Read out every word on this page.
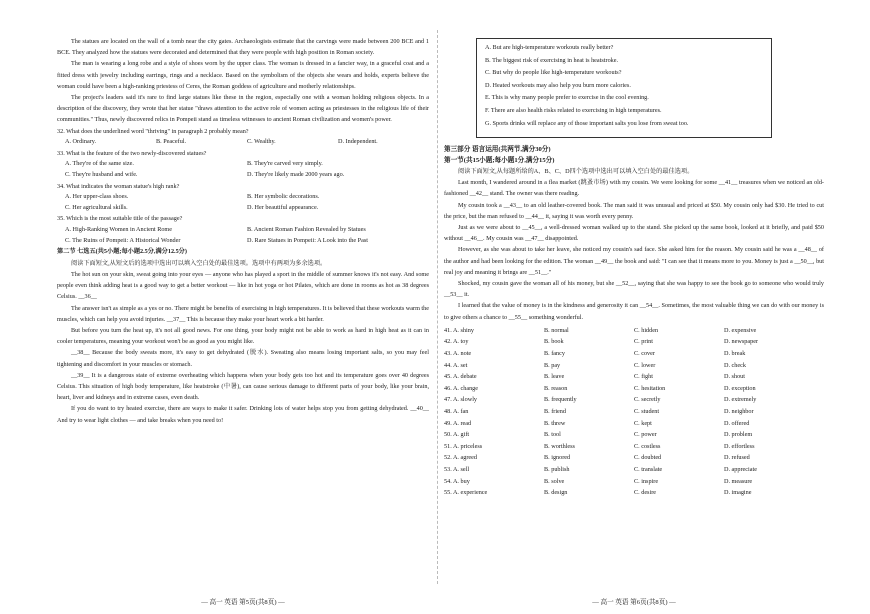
The statues are located on the wall of a tomb near the city gates. Archaeologists estimate that the carvings were made between 200 BCE and 1 BCE. They analyzed how the statues were decorated and determined that they were people with high position in Roman society.

The man is wearing a long robe and a style of shoes worn by the upper class. The woman is dressed in a fancier way, in a graceful coat and a fitted dress with jewelry including earrings, rings and a necklace. Based on the symbolism of the objects she wears and holds, experts believe the woman could have been a high-ranking priestess of Ceres, the Roman goddess of agriculture and motherly relationships.

The project's leaders said it's rare to find large statues like these in the region, especially one with a woman holding religious objects. In a description of the discovery, they wrote that her statue "draws attention to the active role of women acting as priestesses in the religious life of their communities." Thus, newly discovered relics in Pompeii stand as timeless witnesses to ancient Roman civilization and women's power.

32. What does the underlined word "thriving" in paragraph 2 probably mean?

A. Ordinary.	B. Peaceful.	C. Wealthy.	D. Independent.

33. What is the feature of the two newly-discovered statues?

A. They're of the same size.	B. They're carved very simply.
C. They're husband and wife.	D. They're likely made 2000 years ago.

34. What indicates the woman statue's high rank?

A. Her upper-class shoes.	B. Her symbolic decorations.
C. Her agricultural skills.	D. Her beautiful appearance.

35. Which is the most suitable title of the passage?

A. High-Ranking Women in Ancient Rome	B. Ancient Roman Fashion Revealed by Statues
C. The Ruins of Pompeii: A Historical Wonder	D. Rare Statues in Pompeii: A Look into the Past

第二节 七选五(共5小题;每小题2.5分,满分12.5分)

阅读下面短文,从短文后的选项中选出可以填入空白处的最佳选项。选项中有两项为多余选项。

The hot sun on your skin, sweat going into your eyes — anyone who has played a sport in the middle of summer knows it's not easy. And some people even think adding heat is a good way to get a better workout — like in hot yoga or hot Pilates, which are done in rooms as hot as 38 degrees Celsius. __36__

The answer isn't as simple as a yes or no. There might be benefits of exercising in high temperatures. It is believed that these workouts warm the muscles, which can help you avoid injuries. __37__ This is because they make your heart work a bit harder.

But before you turn the heat up, it's not all good news. For one thing, your body might not be able to work as hard in high heat as it can in cooler temperatures, meaning your workout won't be as good as you might like.

__38__ Because the body sweats more, it's easy to get dehydrated (脱水). Sweating also means losing important salts, so you may feel tightening and discomfort in your muscles or stomach.

__39__ It is a dangerous state of extreme overheating which happens when your body gets too hot and its temperature goes over 40 degrees Celsius. This situation of high body temperature, like heatstroke (中暑), can cause serious damage to different parts of your body, like your brain, heart, liver and kidneys and in extreme cases, even death.

If you do want to try heated exercise, there are ways to make it safer. Drinking lots of water helps stop you from getting dehydrated. __40__ And try to wear light clothes — and take breaks when you need to!

— 高一 英语 第5页(共8页) —

A. But are high-temperature workouts really better?

B. The biggest risk of exercising in heat is heatstroke.

C. But why do people like high-temperature workouts?

D. Heated workouts may also help you burn more calories.

E. This is why many people prefer to exercise in the cool evening.

F. There are also health risks related to exercising in high temperatures.

G. Sports drinks will replace any of those important salts you lose from sweat too.

第三部分 语言运用(共两节,满分30分)

第一节(共15小题;每小题1分,满分15分)

阅读下面短文,从每题所给的A、B、C、D四个选项中选出可以填入空白处的最佳选项。

Last month, I wandered around in a flea market (跳蚤市场) with my cousin. We were looking for some __41__ treasures when we noticed an old-fashioned __42__ stand. The owner was there reading.

My cousin took a __43__ to an old leather-covered book. The man said it was unusual and priced at $50. My cousin only had $30. He tried to cut the price, but the man refused to __44__ it, saying it was worth every penny.

Just as we were about to __45__, a well-dressed woman walked up to the stand. She picked up the same book, looked at it briefly, and paid $50 without __46__. My cousin was __47__ disappointed.

However, as she was about to take her leave, she noticed my cousin's sad face. She asked him for the reason. My cousin said he was a __48__ of the author and had been looking for the edition. The woman __49__ the book and said: "I can see that it means more to you. Money is just a __50__, but real joy and meaning it brings are __51__."

Shocked, my cousin gave the woman all of his money, but she __52__, saying that she was happy to see the book go to someone who would truly __53__ it.

I learned that the value of money is in the kindness and generosity it can __54__. Sometimes, the most valuable thing we can do with our money is to give others a chance to __55__ something wonderful.

41. A. shiny	B. normal	C. hidden	D. expensive
42. A. toy	B. book	C. print	D. newspaper
43. A. note	B. fancy	C. cover	D. break
44. A. set	B. pay	C. lower	D. check
45. A. debate	B. leave	C. fight	D. shout
46. A. change	B. reason	C. hesitation	D. exception
47. A. slowly	B. frequently	C. secretly	D. extremely
48. A. fan	B. friend	C. student	D. neighbor
49. A. read	B. threw	C. kept	D. offered
50. A. gift	B. tool	C. power	D. problem
51. A. priceless	B. worthless	C. costless	D. effortless
52. A. agreed	B. ignored	C. doubted	D. refused
53. A. sell	B. publish	C. translate	D. appreciate
54. A. buy	B. solve	C. inspire	D. measure
55. A. experience	B. design	C. desire	D. imagine
— 高一 英语 第6页(共8页) —
